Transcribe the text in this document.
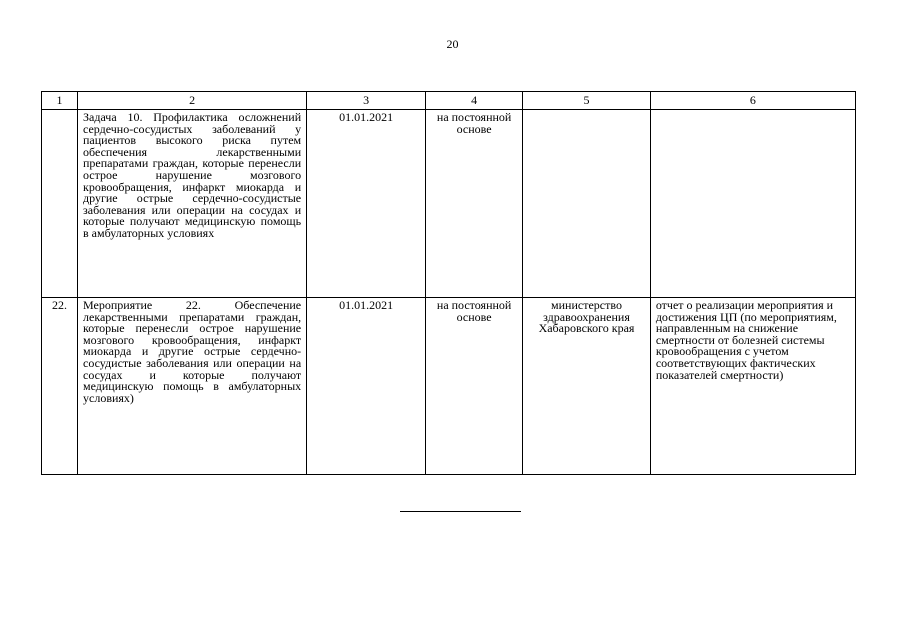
20
1	2	3	4	5	6
	Задача 10. Профилактика осложнений сердечно-сосудистых заболеваний у пациентов высокого риска путем обеспечения лекарственными препаратами граждан, которые перенесли острое нарушение мозгового кровообращения, инфаркт миокарда и другие острые сердечно-сосудистые заболевания или операции на сосудах и которые получают медицинскую помощь в амбулаторных условиях	01.01.2021	на постоянной основе		
22.	Мероприятие 22. Обеспечение лекарственными препаратами граждан, которые перенесли острое нарушение мозгового кровообращения, инфаркт миокарда и другие острые сердечно-сосудистые заболевания или операции на сосудах и которые получают медицинскую помощь в амбулаторных условиях)	01.01.2021	на постоянной основе	министерство здравоохранения Хабаровского края	отчет о реализации мероприятия и достижения ЦП (по мероприятиям, направленным на снижение смертности от болезней системы кровообращения с учетом соответствующих фактических показателей смертности)
